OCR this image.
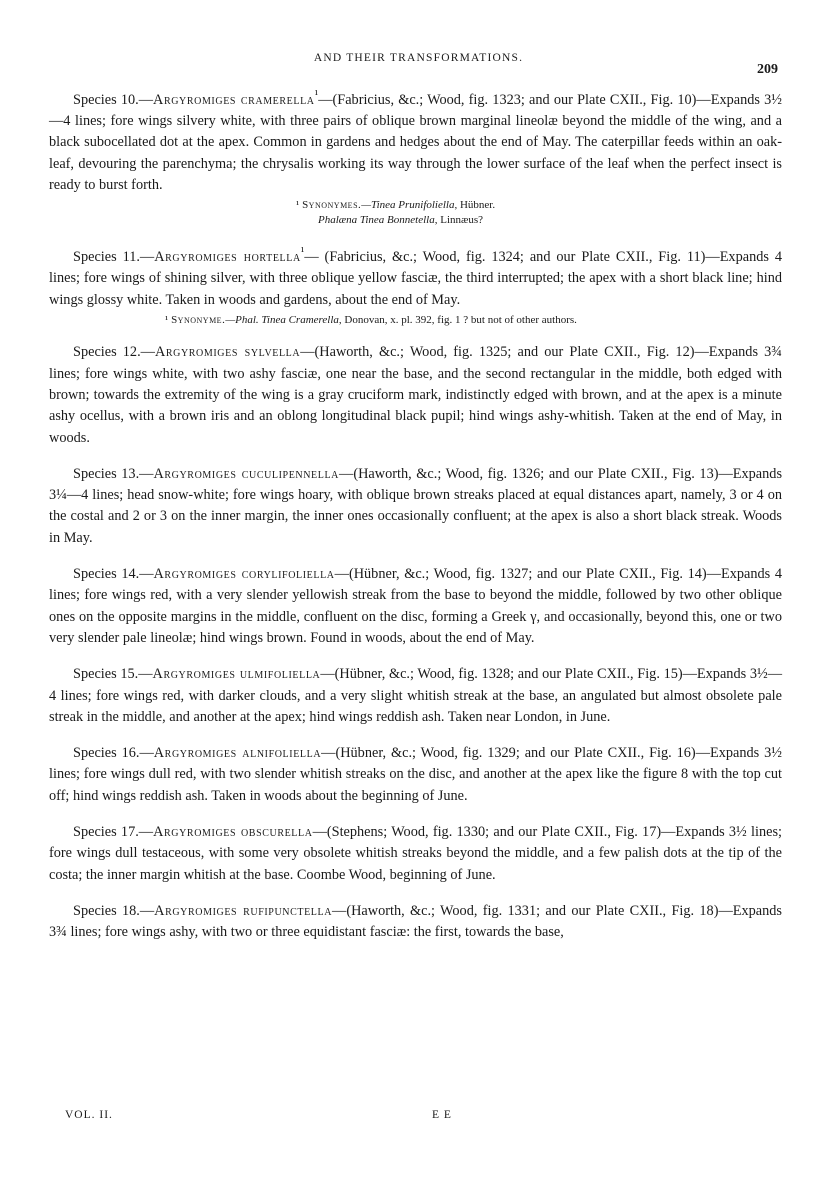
AND THEIR TRANSFORMATIONS.
209

Species 10.—Argyromiges cramerella$^{^1}$—(Fabricius, &c.; Wood, fig. 1323; and our Plate CXII., Fig. 10)—Expands 3½—4 lines; fore wings silvery white, with three pairs of oblique brown marginal lineolæ beyond the middle of the wing, and a black subocellated dot at the apex. Common in gardens and hedges about the end of May. The caterpillar feeds within an oak-leaf, devouring the parenchyma; the chrysalis working its way through the lower surface of the leaf when the perfect insect is ready to burst forth.

¹ Synonymes.—Tinea Prunifoliella, Hübner.
Phalæna Tinea Bonnetella, Linnæus?

Species 11.—Argyromiges hortella$^{^1}$— (Fabricius, &c.; Wood, fig. 1324; and our Plate CXII., Fig. 11)—Expands 4 lines; fore wings of shining silver, with three oblique yellow fasciæ, the third interrupted; the apex with a short black line; hind wings glossy white. Taken in woods and gardens, about the end of May.

¹ Synonyme.—Phal. Tinea Cramerella, Donovan, x. pl. 392, fig. 1 ? but not of other authors.

Species 12.—Argyromiges sylvella—(Haworth, &c.; Wood, fig. 1325; and our Plate CXII., Fig. 12)—Expands 3¾ lines; fore wings white, with two ashy fasciæ, one near the base, and the second rectangular in the middle, both edged with brown; towards the extremity of the wing is a gray cruciform mark, indistinctly edged with brown, and at the apex is a minute ashy ocellus, with a brown iris and an oblong longitudinal black pupil; hind wings ashy-whitish. Taken at the end of May, in woods.

Species 13.—Argyromiges cuculipennella—(Haworth, &c.; Wood, fig. 1326; and our Plate CXII., Fig. 13)—Expands 3¼—4 lines; head snow-white; fore wings hoary, with oblique brown streaks placed at equal distances apart, namely, 3 or 4 on the costal and 2 or 3 on the inner margin, the inner ones occasionally confluent; at the apex is also a short black streak. Woods in May.

Species 14.—Argyromiges corylifoliella—(Hübner, &c.; Wood, fig. 1327; and our Plate CXII., Fig. 14)—Expands 4 lines; fore wings red, with a very slender yellowish streak from the base to beyond the middle, followed by two other oblique ones on the opposite margins in the middle, confluent on the disc, forming a Greek γ, and occasionally, beyond this, one or two very slender pale lineolæ; hind wings brown. Found in woods, about the end of May.

Species 15.—Argyromiges ulmifoliella—(Hübner, &c.; Wood, fig. 1328; and our Plate CXII., Fig. 15)—Expands 3½—4 lines; fore wings red, with darker clouds, and a very slight whitish streak at the base, an angulated but almost obsolete pale streak in the middle, and another at the apex; hind wings reddish ash. Taken near London, in June.

Species 16.—Argyromiges alnifoliella—(Hübner, &c.; Wood, fig. 1329; and our Plate CXII., Fig. 16)—Expands 3½ lines; fore wings dull red, with two slender whitish streaks on the disc, and another at the apex like the figure 8 with the top cut off; hind wings reddish ash. Taken in woods about the beginning of June.

Species 17.—Argyromiges obscurella—(Stephens; Wood, fig. 1330; and our Plate CXII., Fig. 17)—Expands 3½ lines; fore wings dull testaceous, with some very obsolete whitish streaks beyond the middle, and a few palish dots at the tip of the costa; the inner margin whitish at the base. Coombe Wood, beginning of June.

Species 18.—Argyromiges rufipunctella—(Haworth, &c.; Wood, fig. 1331; and our Plate CXII., Fig. 18)—Expands 3¾ lines; fore wings ashy, with two or three equidistant fasciæ: the first, towards the base,

VOL. II.	E E
